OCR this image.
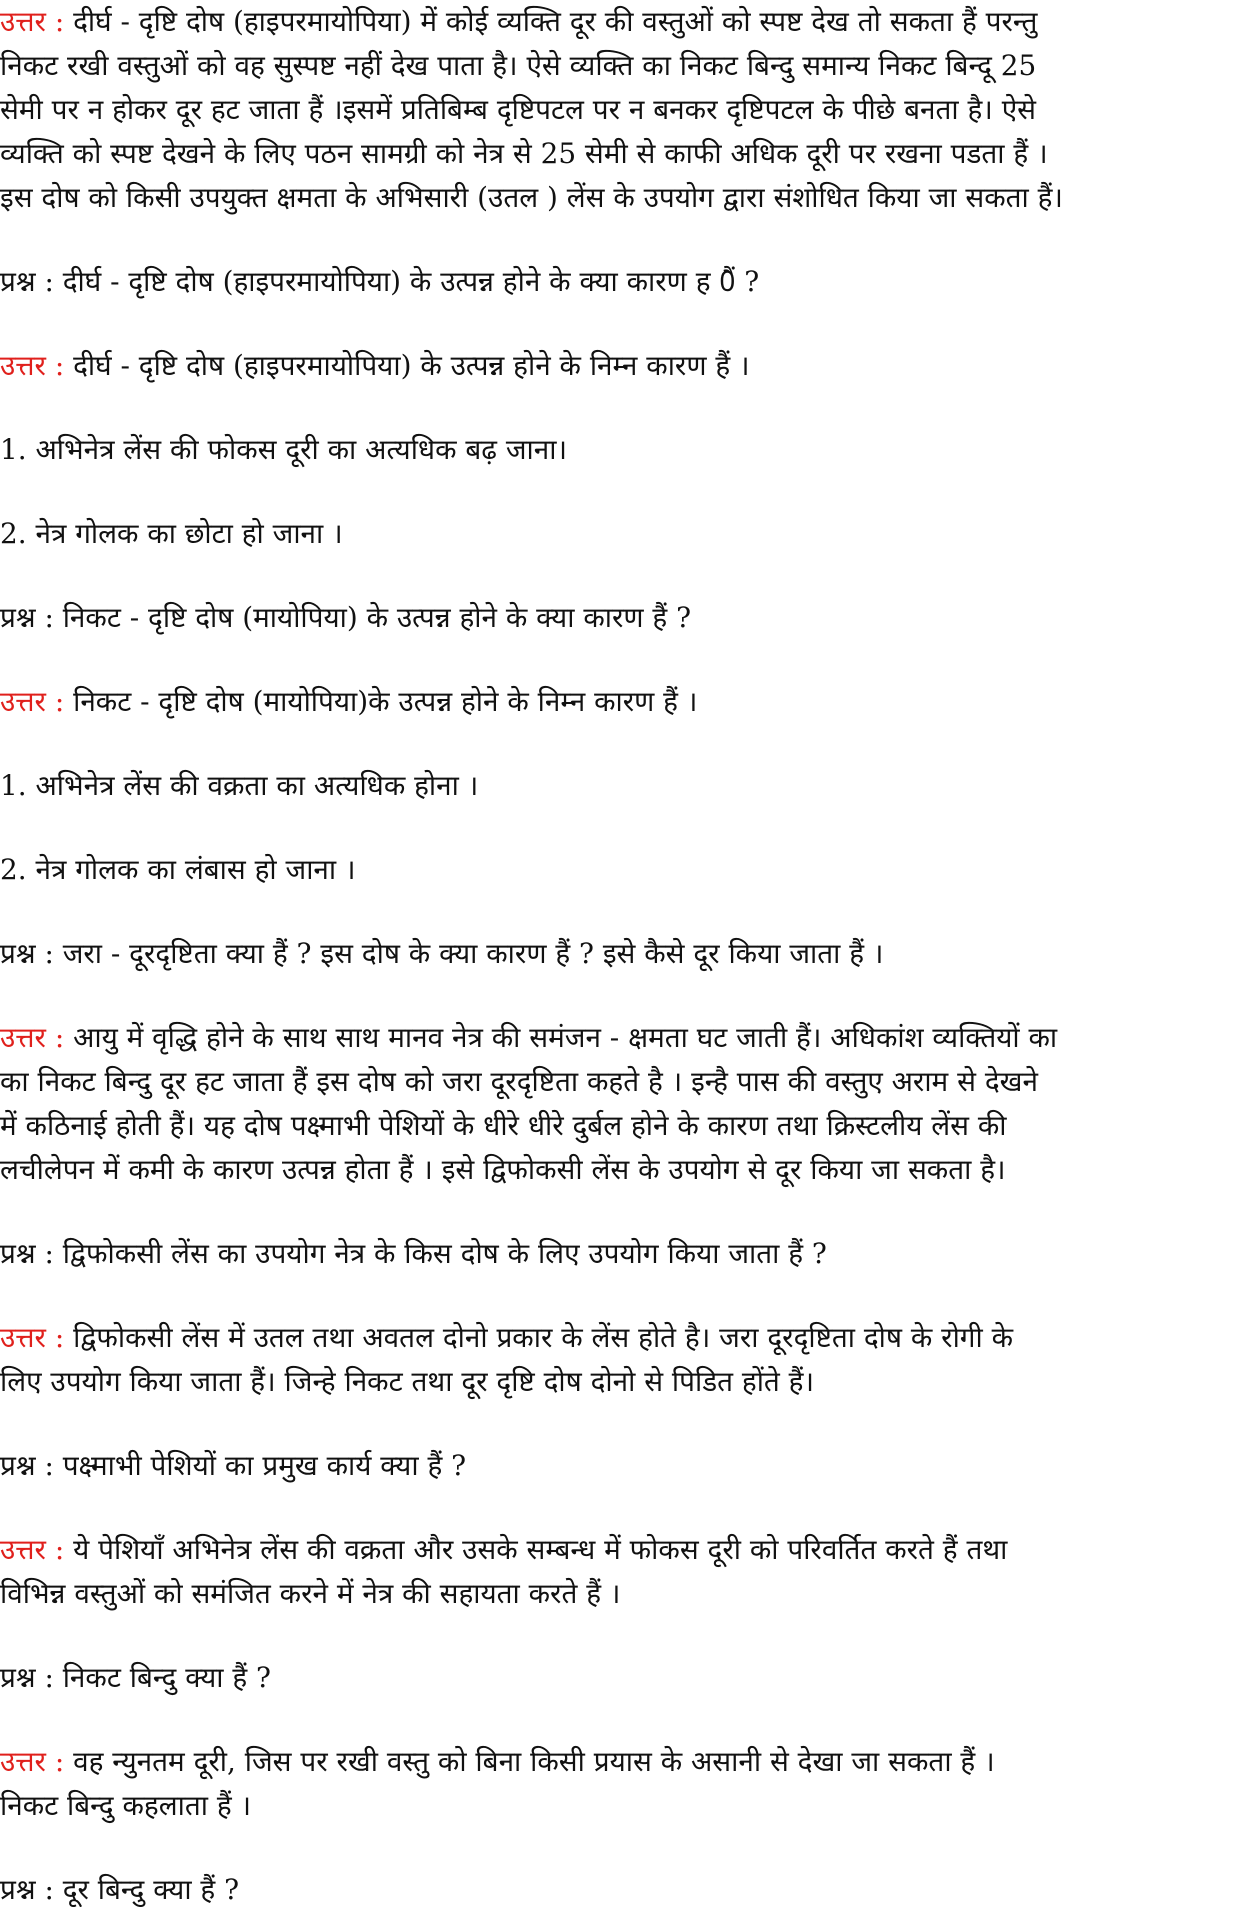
उत्तर : दीर्घ - दृष्टि दोष (हाइपरमायोपिया) में कोई व्यक्ति दूर की वस्तुओं को स्पष्ट देख तो सकता हैं परन्तु
निकट रखी वस्तुओं को वह सुस्पष्ट नहीं देख पाता है। ऐसे व्यक्ति का निकट बिन्दु समान्य निकट बिन्दू 25
सेमी पर न होकर दूर हट जाता हैं ।इसमें प्रतिबिम्ब दृष्टिपटल पर न बनकर दृष्टिपटल के पीछे बनता है। ऐसे
व्यक्ति को स्पष्ट देखने के लिए पठन सामग्री को नेत्र से 25 सेमी से काफी अधिक दूरी पर रखना पडता हैं ।
इस दोष को किसी उपयुक्त क्षमता के अभिसारी (उतल ) लेंस के उपयोग द्वारा संशोधित किया जा सकता हैं।
प्रश्न : दीर्घ - दृष्टि दोष (हाइपरमायोपिया) के उत्पन्न होने के क्या कारण ह 0ैं ?
उत्तर : दीर्घ - दृष्टि दोष (हाइपरमायोपिया) के उत्पन्न होने के निम्न कारण हैं ।
1. अभिनेत्र लेंस की फोकस दूरी का अत्यधिक बढ़ जाना।
2. नेत्र गोलक का छोटा हो जाना ।
प्रश्न : निकट - दृष्टि दोष (मायोपिया) के उत्पन्न होने के क्या कारण हैं ?
उत्तर : निकट - दृष्टि दोष (मायोपिया)के उत्पन्न होने के निम्न कारण हैं ।
1. अभिनेत्र लेंस की वक्रता का अत्यधिक होना ।
2. नेत्र गोलक का लंबास हो जाना ।
प्रश्न : जरा - दूरदृष्टिता क्या हैं ? इस दोष के क्या कारण हैं ? इसे कैसे दूर किया जाता हैं ।
उत्तर : आयु में वृद्धि होने के साथ साथ मानव नेत्र की समंजन - क्षमता घट जाती हैं। अधिकांश व्यक्तियों का
का निकट बिन्दु दूर हट जाता हैं इस दोष को जरा दूरदृष्टिता कहते है । इन्है पास की वस्तुए अराम से देखने
में कठिनाई होती हैं। यह दोष पक्ष्माभी पेशियों के धीरे धीरे दुर्बल होने के कारण तथा क्रिस्टलीय लेंस की
लचीलेपन में कमी के कारण उत्पन्न होता हैं । इसे द्विफोकसी लेंस के उपयोग से दूर किया जा सकता है।
प्रश्न : द्विफोकसी लेंस का उपयोग नेत्र के किस दोष के लिए उपयोग किया जाता हैं ?
उत्तर : द्विफोकसी लेंस में उतल तथा अवतल दोनो प्रकार के लेंस होते है। जरा दूरदृष्टिता दोष के रोगी के
लिए उपयोग किया जाता हैं। जिन्हे निकट तथा दूर दृष्टि दोष दोनो से पिडित होंते हैं।
प्रश्न : पक्ष्माभी पेशियों का प्रमुख कार्य क्या हैं ?
उत्तर : ये पेशियाँ अभिनेत्र लेंस की वक्रता और उसके सम्बन्ध में फोकस दूरी को परिवर्तित करते हैं तथा
विभिन्न वस्तुओं को समंजित करने में नेत्र की सहायता करते हैं ।
प्रश्न : निकट बिन्दु क्या हैं ?
उत्तर : वह न्युनतम दूरी, जिस पर रखी वस्तु को बिना किसी प्रयास के असानी से देखा जा सकता हैं ।
निकट बिन्दु कहलाता हैं ।
प्रश्न : दूर बिन्दु क्या हैं ?
